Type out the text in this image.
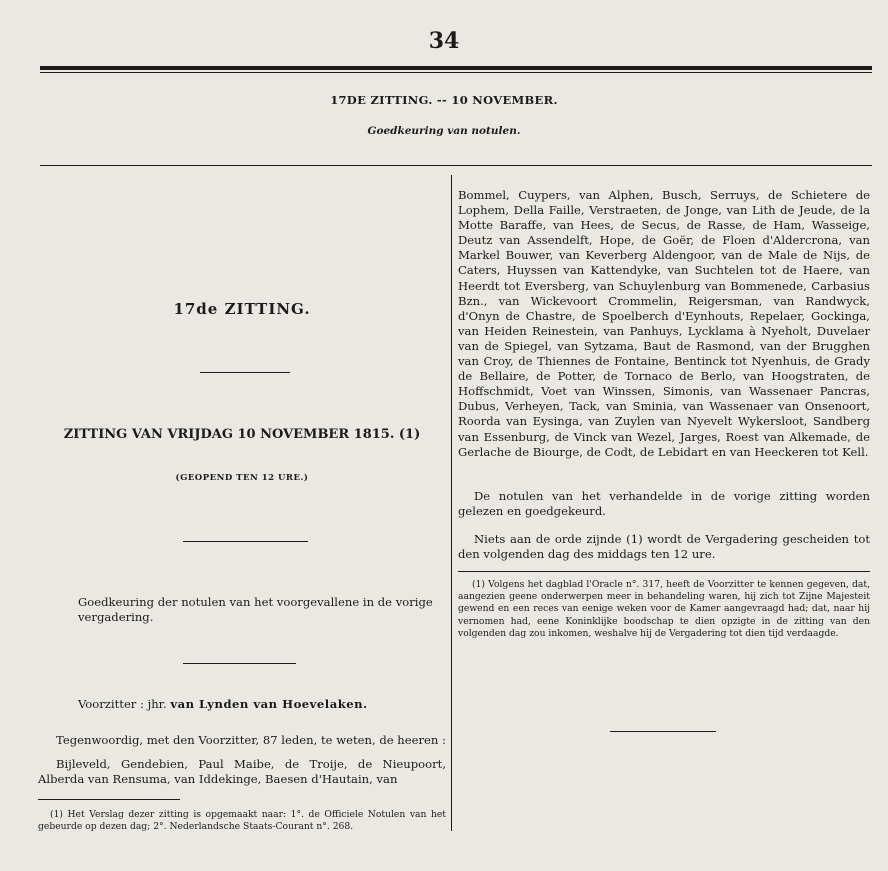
34
17DE ZITTING. -- 10 NOVEMBER.
Goedkeuring van notulen.
17de ZITTING.
ZITTING VAN VRIJDAG 10 NOVEMBER 1815. (1)
(GEOPEND TEN 12 URE.)
Goedkeuring der notulen van het voorgevallene in de vorige vergadering.
Voorzitter : jhr. van Lynden van Hoevelaken.
Tegenwoordig, met den Voorzitter, 87 leden, te weten, de heeren :
Bijleveld, Gendebien, Paul Maibe, de Troije, de Nieupoort, Alberda van Rensuma, van Iddekinge, Baesen d'Hautain, van
(1) Het Verslag dezer zitting is opgemaakt naar: 1°. de Officiele Notulen van het gebeurde op dezen dag; 2°. Nederlandsche Staats-Courant n°. 268.
Bommel, Cuypers, van Alphen, Busch, Serruys, de Schietere de Lophem, Della Faille, Verstraeten, de Jonge, van Lith de Jeude, de la Motte Baraffe, van Hees, de Secus, de Rasse, de Ham, Wasseige, Deutz van Assendelft, Hope, de Goër, de Floen d'Aldercrona, van Markel Bouwer, van Keverberg Aldengoor, van de Male de Nijs, de Caters, Huyssen van Kattendyke, van Suchtelen tot de Haere, van Heerdt tot Eversberg, van Schuylenburg van Bommenede, Carbasius Bzn., van Wickevoort Crommelin, Reigersman, van Randwyck, d'Onyn de Chastre, de Spoelberch d'Eynhouts, Repelaer, Gockinga, van Heiden Reinestein, van Panhuys, Lycklama à Nyeholt, Duvelaer van de Spiegel, van Sytzama, Baut de Rasmond, van der Brugghen van Croy, de Thiennes de Fontaine, Bentinck tot Nyenhuis, de Grady de Bellaire, de Potter, de Tornaco de Berlo, van Hoogstraten, de Hoffschmidt, Voet van Winssen, Simonis, van Wassenaer Pancras, Dubus, Verheyen, Tack, van Sminia, van Wassenaer van Onsenoort, Roorda van Eysinga, van Zuylen van Nyevelt Wykersloot, Sandberg van Essenburg, de Vinck van Wezel, Jarges, Roest van Alkemade, de Gerlache de Biourge, de Codt, de Lebidart en van Heeckeren tot Kell.
De notulen van het verhandelde in de vorige zitting worden gelezen en goedgekeurd.
Niets aan de orde zijnde (1) wordt de Vergadering gescheiden tot den volgenden dag des middags ten 12 ure.
(1) Volgens het dagblad l'Oracle n°. 317, heeft de Voorzitter te kennen gegeven, dat, aangezien geene onderwerpen meer in behandeling waren, hij zich tot Zijne Majesteit gewend en een reces van eenige weken voor de Kamer aangevraagd had; dat, naar hij vernomen had, eene Koninklijke boodschap te dien opzigte in de zitting van den volgenden dag zou inkomen, weshalve hij de Vergadering tot dien tijd verdaagde.
